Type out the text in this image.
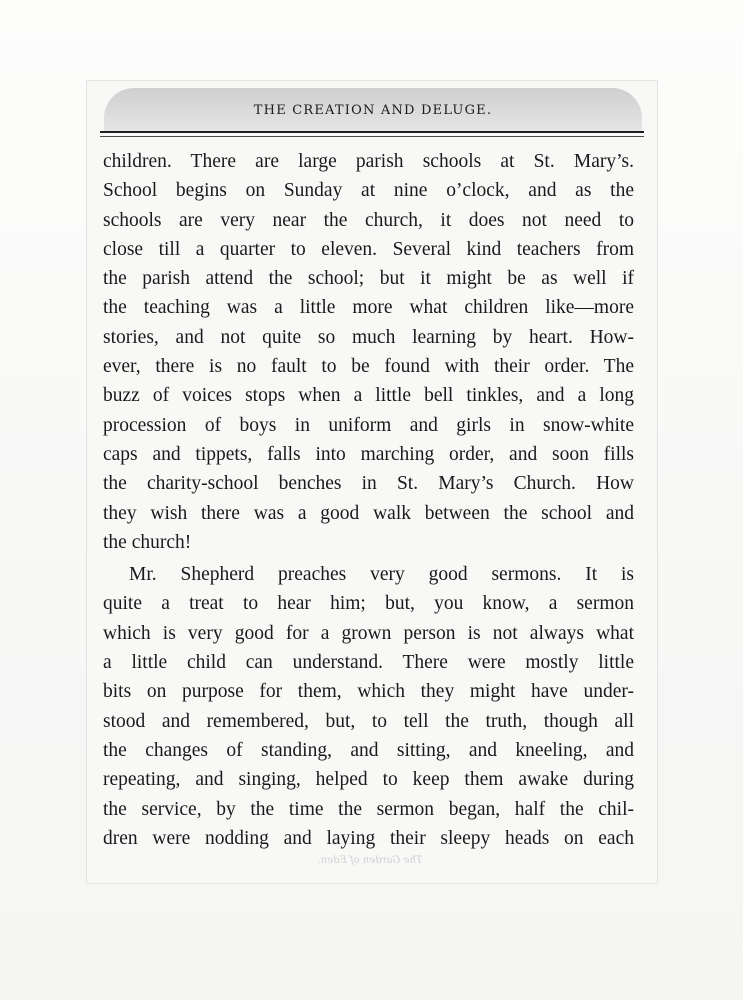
THE CREATION AND DELUGE.
children. There are large parish schools at St. Mary’s.
School begins on Sunday at nine o’clock, and as the
schools are very near the church, it does not need to
close till a quarter to eleven. Several kind teachers from
the parish attend the school; but it might be as well if
the teaching was a little more what children like—more
stories, and not quite so much learning by heart. How-
ever, there is no fault to be found with their order. The
buzz of voices stops when a little bell tinkles, and a long
procession of boys in uniform and girls in snow-white
caps and tippets, falls into marching order, and soon fills
the charity-school benches in St. Mary’s Church. How
they wish there was a good walk between the school and
the church!
Mr. Shepherd preaches very good sermons. It is
quite a treat to hear him; but, you know, a sermon
which is very good for a grown person is not always what
a little child can understand. There were mostly little
bits on purpose for them, which they might have under-
stood and remembered, but, to tell the truth, though all
the changes of standing, and sitting, and kneeling, and
repeating, and singing, helped to keep them awake during
the service, by the time the sermon began, half the chil-
dren were nodding and laying their sleepy heads on each
The Garden of Eden.
